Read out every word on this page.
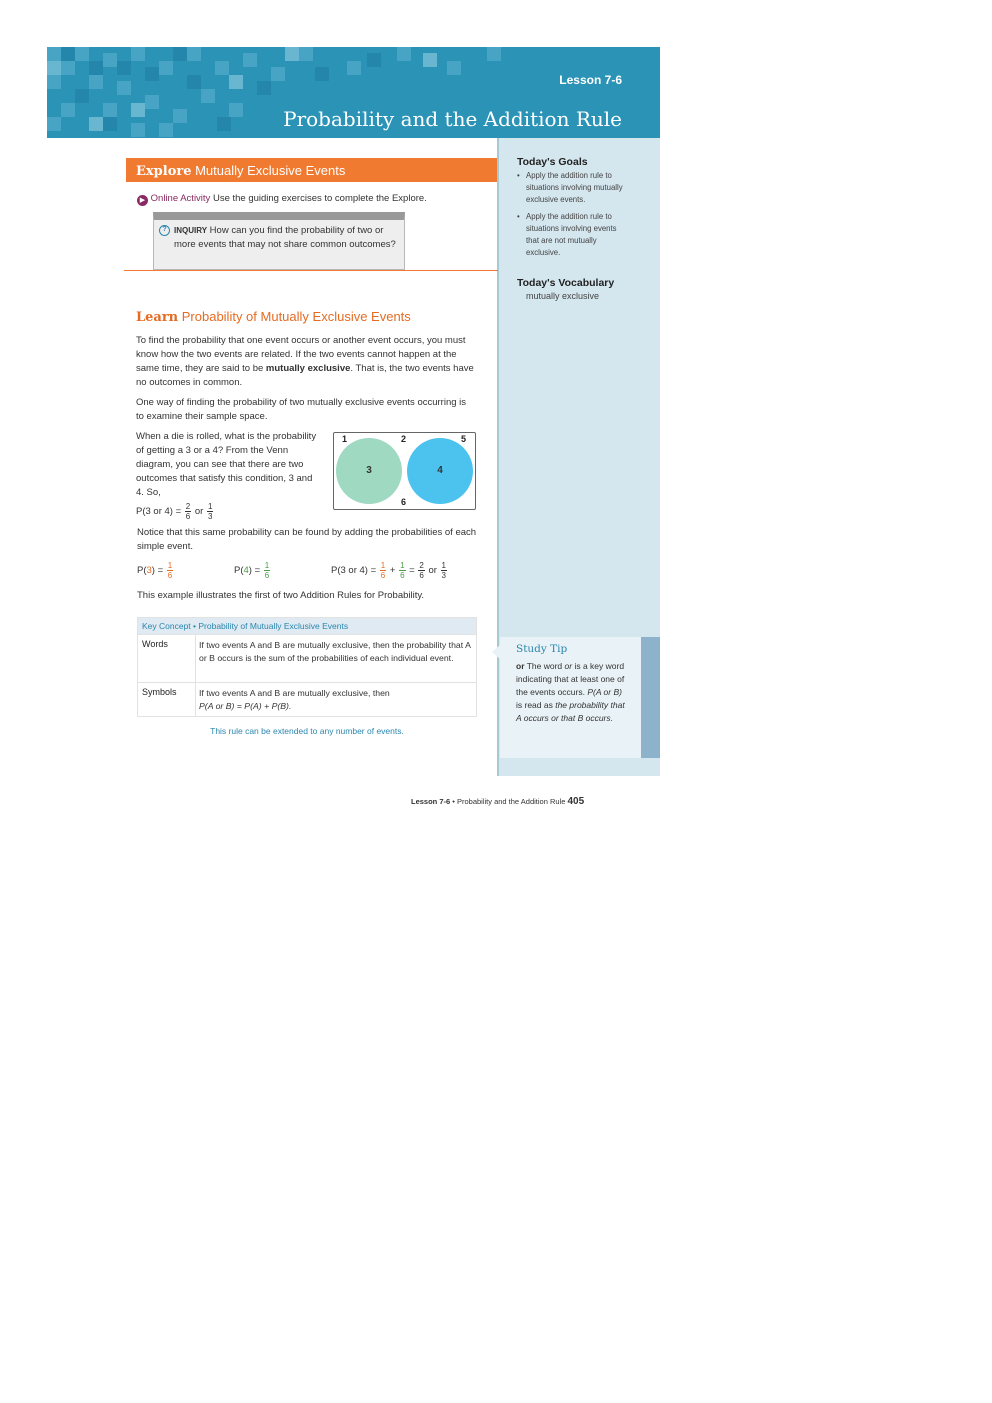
Lesson 7-6
Probability and the Addition Rule
Today's Goals
• Apply the addition rule to situations involving mutually exclusive events.
• Apply the addition rule to situations involving events that are not mutually exclusive.
Today's Vocabulary
mutually exclusive
Study Tip
or The word or is a key word indicating that at least one of the events occurs. P(A or B) is read as the probability that A occurs or that B occurs.
Explore Mutually Exclusive Events
▶ Online Activity Use the guiding exercises to complete the Explore.
? INQUIRY How can you find the probability of two or more events that may not share common outcomes?
Learn Probability of Mutually Exclusive Events
To find the probability that one event occurs or another event occurs, you must know how the two events are related. If the two events cannot happen at the same time, they are said to be mutually exclusive. That is, the two events have no outcomes in common.
One way of finding the probability of two mutually exclusive events occurring is to examine their sample space.
When a die is rolled, what is the probability of getting a 3 or a 4? From the Venn diagram, you can see that there are two outcomes that satisfy this condition, 3 and 4. So,
P(3 or $4) = \frac{2}{6}$ or $\frac{1}{3}$
1	2	5
6
3	4
Notice that this same probability can be found by adding the probabilities of each simple event.
$P(3) = \frac{1}{6}$	$P(4) = \frac{1}{6}$	P(3 or $4) = \frac{1}{6} + \frac{1}{6} = \frac{2}{6}$ or $\frac{1}{3}$
This example illustrates the first of two Addition Rules for Probability.
Key Concept • Probability of Mutually Exclusive Events
Words	If two events A and B are mutually exclusive, then the probability that A or B occurs is the sum of the probabilities of each individual event.
Symbols	If two events A and B are mutually exclusive, then
P(A or B) = P(A) + P(B).
This rule can be extended to any number of events.
Lesson 7-6 • Probability and the Addition Rule 405
